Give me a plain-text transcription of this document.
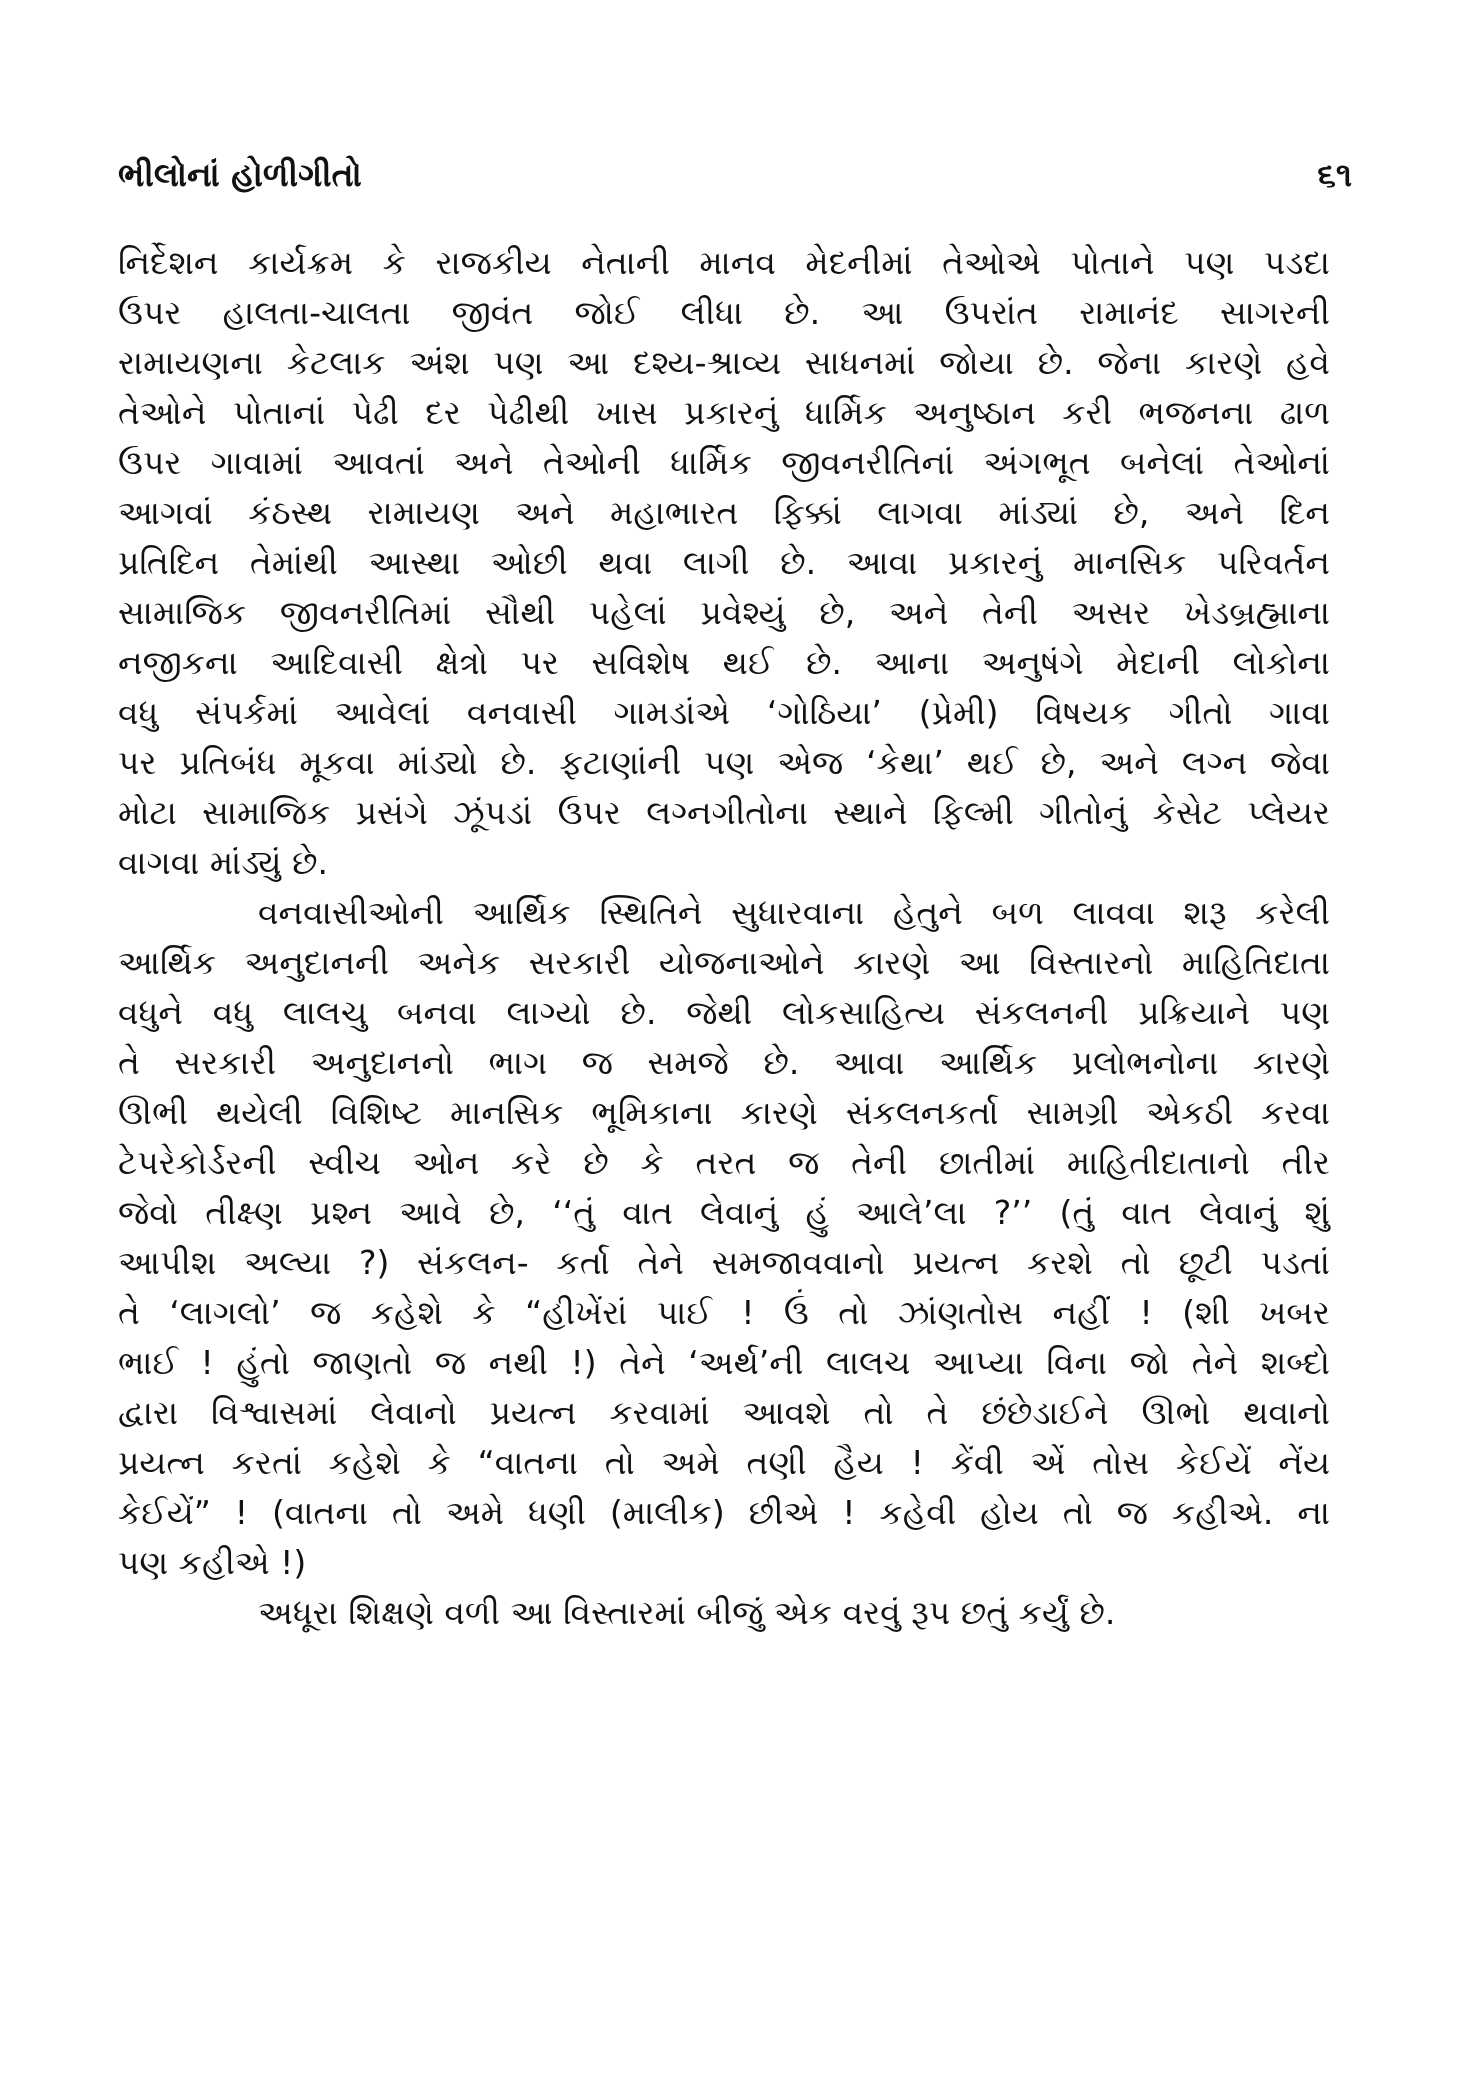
ભીલોનાં હોળીગીતો	૬૧
નિર્દેશન કાર્યક્રમ કે રાજકીય નેતાની માનવ મેદનીમાં તેઓએ પોતાને પણ પડદા
ઉપર હાલતા-ચાલતા જીવંત જોઈ લીધા છે. આ ઉપરાંત રામાનંદ સાગરની
રામાયણના કેટલાક અંશ પણ આ દશ્ય-શ્રાવ્ય સાધનમાં જોયા છે. જેના કારણે હવે
તેઓને પોતાનાં પેઢી દર પેઢીથી ખાસ પ્રકારનું ધાર્મિક અનુષ્ઠાન કરી ભજનના ઢાળ
ઉપર ગાવામાં આવતાં અને તેઓની ધાર્મિક જીવનરીતિનાં અંગભૂત બનેલાં તેઓનાં
આગવાં કંઠસ્થ રામાયણ અને મહાભારત ફિક્કાં લાગવા માંડ્યાં છે, અને દિન
પ્રતિદિન તેમાંથી આસ્થા ઓછી થવા લાગી છે. આવા પ્રકારનું માનસિક પરિવર્તન
સામાજિક જીવનરીતિમાં સૌથી પહેલાં પ્રવેશ્યું છે, અને તેની અસર ખેડબ્રહ્માના
નજીકના આદિવાસી ક્ષેત્રો પર સવિશેષ થઈ છે. આના અનુષંગે મેદાની લોકોના
વધુ સંપર્કમાં આવેલાં વનવાસી ગામડાંએ ‘ગોઠિયા’ (પ્રેમી) વિષયક ગીતો ગાવા
પર પ્રતિબંધ મૂકવા માંડ્યો છે. ફટાણાંની પણ એજ ‘કેથા’ થઈ છે, અને લગ્ન જેવા
મોટા સામાજિક પ્રસંગે ઝૂંપડાં ઉપર લગ્નગીતોના સ્થાને ફિલ્મી ગીતોનું કેસેટ પ્લેયર
વાગવા માંડ્યું છે.
વનવાસીઓની આર્થિક સ્થિતિને સુધારવાના હેતુને બળ લાવવા શરૂ કરેલી
આર્થિક અનુદાનની અનેક સરકારી યોજનાઓને કારણે આ વિસ્તારનો માહિતિદાતા
વધુને વધુ લાલચુ બનવા લાગ્યો છે. જેથી લોકસાહિત્ય સંકલનની પ્રક્રિયાને પણ
તે સરકારી અનુદાનનો ભાગ જ સમજે છે. આવા આર્થિક પ્રલોભનોના કારણે
ઊભી થયેલી વિશિષ્ટ માનસિક ભૂમિકાના કારણે સંકલનકર્તા સામગ્રી એકઠી કરવા
ટેપરેકોર્ડરની સ્વીચ ઓન કરે છે કે તરત જ તેની છાતીમાં માહિતીદાતાનો તીર
જેવો તીક્ષ્ણ પ્રશ્ન આવે છે, ‘‘તું વાત લેવાનું હું આલે’લા ?’’ (તું વાત લેવાનું શું
આપીશ અલ્યા ?) સંકલન- કર્તા તેને સમજાવવાનો પ્રયત્ન કરશે તો છૂટી પડતાં
તે ‘લાગલો’ જ કહેશે કે “હીખેંરાં પાઈ ! ઉં તો ઝાંણતોસ નહીં ! (શી ખબર
ભાઈ ! હુંતો જાણતો જ નથી !) તેને ‘અર્થ’ની લાલચ આપ્યા વિના જો તેને શબ્દો
દ્વારા વિશ્વાસમાં લેવાનો પ્રયત્ન કરવામાં આવશે તો તે છંછેડાઈને ઊભો થવાનો
પ્રયત્ન કરતાં કહેશે કે “વાતના તો અમે તણી હૈય ! કેંવી એં તોસ કેઈયેં નેંય
કેઈયેં” ! (વાતના તો અમે ધણી (માલીક) છીએ ! કહેવી હોય તો જ કહીએ. ના
પણ કહીએ !)
અધૂરા શિક્ષણે વળી આ વિસ્તારમાં બીજું એક વરવું રૂપ છતું કર્યું છે.
